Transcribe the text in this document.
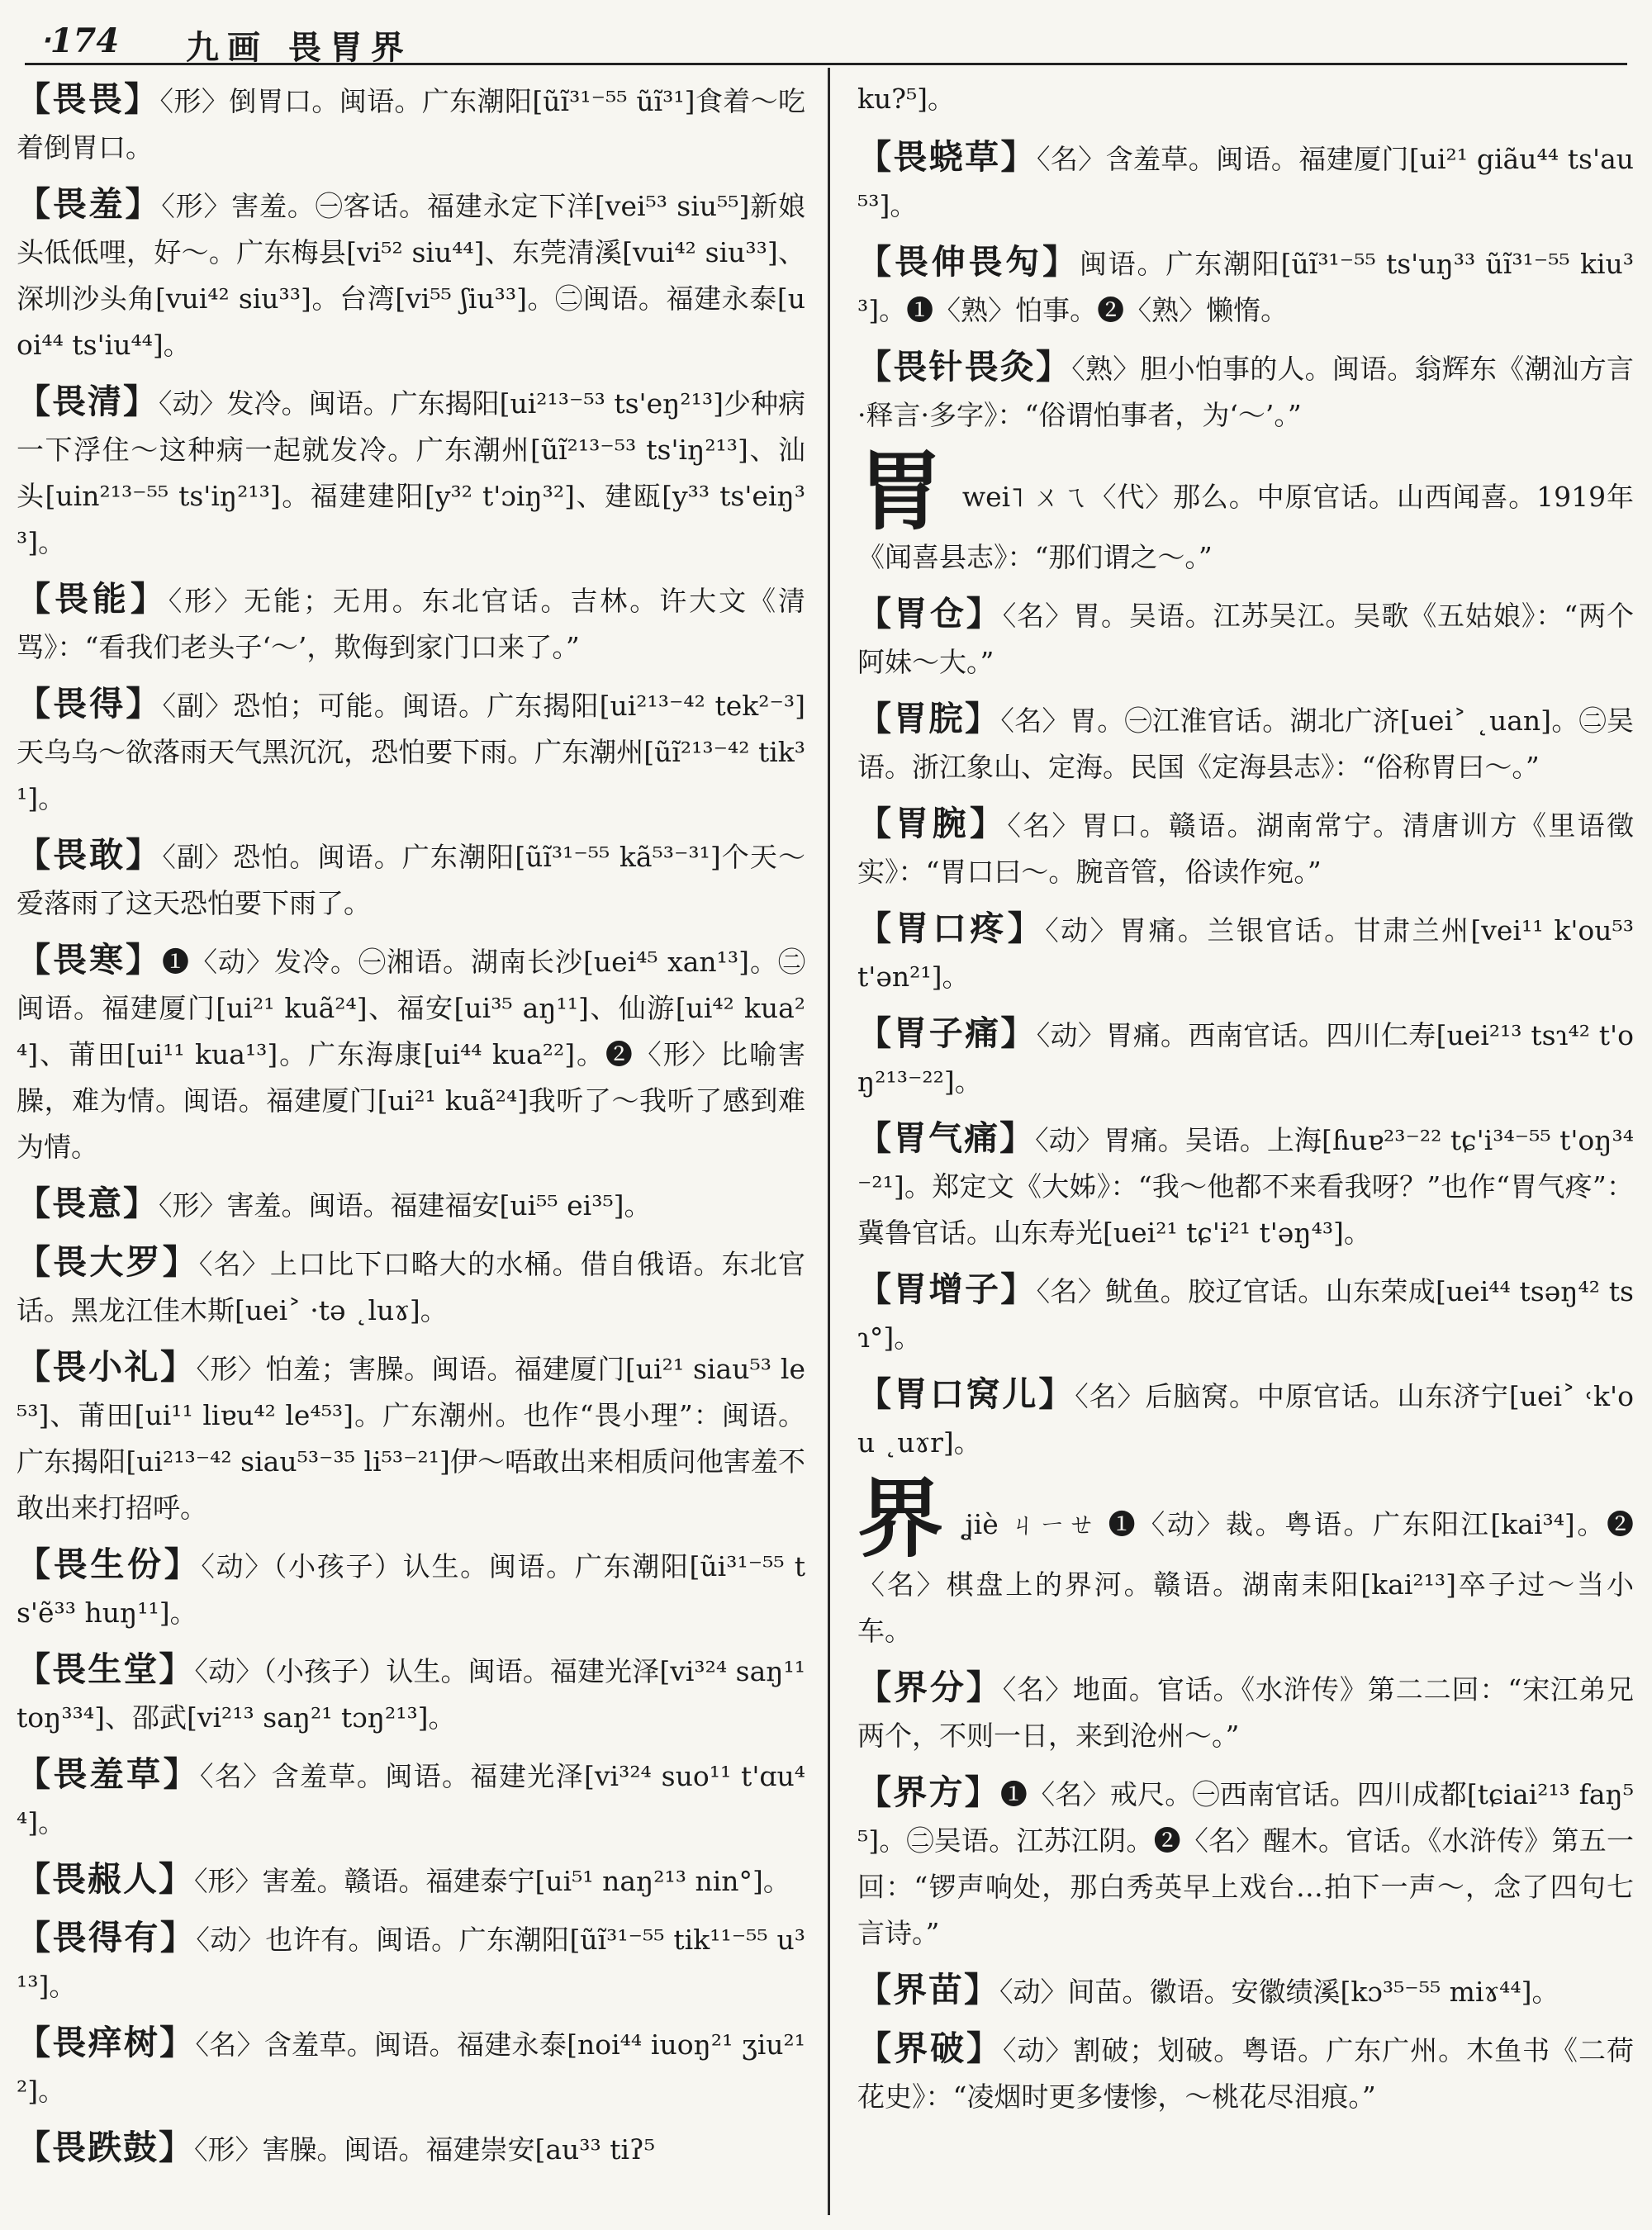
‧174 九画 畏胃界

【畏畏】〈形〉倒胃口。闽语。广东潮阳[ũĩ³¹⁻⁵⁵ ũĩ³¹]食着～吃着倒胃口。

【畏羞】〈形〉害羞。㊀客话。福建永定下洋[vei⁵³ siu⁵⁵]新娘头低低哩，好～。广东梅县[vi⁵² siu⁴⁴]、东莞清溪[vui⁴² siu³³]、深圳沙头角[vui⁴² siu³³]。台湾[vi⁵⁵ ʃiu³³]。㊁闽语。福建永泰[uoi⁴⁴ ts'iu⁴⁴]。

【畏清】〈动〉发冷。闽语。广东揭阳[ui²¹³⁻⁵³ ts'eŋ²¹³]少种病一下浮住～这种病一起就发冷。广东潮州[ũĩ²¹³⁻⁵³ ts'iŋ²¹³]、汕头[uin²¹³⁻⁵⁵ ts'iŋ²¹³]。福建建阳[y³² t'ɔiŋ³²]、建瓯[y³³ ts'eiŋ³³]。

【畏能】〈形〉无能；无用。东北官话。吉林。许大文《清骂》：“看我们老头子‘～’，欺侮到家门口来了。”

【畏得】〈副〉恐怕；可能。闽语。广东揭阳[ui²¹³⁻⁴² tek²⁻³]天乌乌～欲落雨天气黑沉沉，恐怕要下雨。广东潮州[ũĩ²¹³⁻⁴² tik³¹]。

【畏敢】〈副〉恐怕。闽语。广东潮阳[ũĩ³¹⁻⁵⁵ kã⁵³⁻³¹]个天～爱落雨了这天恐怕要下雨了。

【畏寒】❶〈动〉发冷。㊀湘语。湖南长沙[uei⁴⁵ xan¹³]。㊁闽语。福建厦门[ui²¹ kuã²⁴]、福安[ui³⁵ aŋ¹¹]、仙游[ui⁴² kua²⁴]、莆田[ui¹¹ kua¹³]。广东海康[ui⁴⁴ kua²²]。❷〈形〉比喻害臊，难为情。闽语。福建厦门[ui²¹ kuã²⁴]我听了～我听了感到难为情。

【畏意】〈形〉害羞。闽语。福建福安[ui⁵⁵ ei³⁵]。

【畏大罗】〈名〉上口比下口略大的水桶。借自俄语。东北官话。黑龙江佳木斯[uei˃ ·tə ˛luɤ]。

【畏小礼】〈形〉怕羞；害臊。闽语。福建厦门[ui²¹ siau⁵³ le⁵³]、莆田[ui¹¹ liɐu⁴² le⁴⁵³]。广东潮州。也作“畏小理”：闽语。广东揭阳[ui²¹³⁻⁴² siau⁵³⁻³⁵ li⁵³⁻²¹]伊～唔敢出来相质问他害羞不敢出来打招呼。

【畏生份】〈动〉（小孩子）认生。闽语。广东潮阳[ũi³¹⁻⁵⁵ ts'ẽ³³ huŋ¹¹]。

【畏生堂】〈动〉（小孩子）认生。闽语。福建光泽[vi³²⁴ saŋ¹¹ toŋ³³⁴]、邵武[vi²¹³ saŋ²¹ tɔŋ²¹³]。

【畏羞草】〈名〉含羞草。闽语。福建光泽[vi³²⁴ suo¹¹ t'ɑu⁴⁴]。

【畏赧人】〈形〉害羞。赣语。福建泰宁[ui⁵¹ naŋ²¹³ nin°]。

【畏得有】〈动〉也许有。闽语。广东潮阳[ũĩ³¹⁻⁵⁵ tik¹¹⁻⁵⁵ u³¹³]。

【畏痒树】〈名〉含羞草。闽语。福建永泰[noi⁴⁴ iuoŋ²¹ ʒiu²¹²]。

【畏跌鼓】〈形〉害臊。闽语。福建崇安[au³³ tiʔ⁵

ku?⁵]。

【畏蛲草】〈名〉含羞草。闽语。福建厦门[ui²¹ giãu⁴⁴ ts'au⁵³]。

【畏伸畏勼】闽语。广东潮阳[ũĩ³¹⁻⁵⁵ ts'uŋ³³ ũĩ³¹⁻⁵⁵ kiu³³]。❶〈熟〉怕事。❷〈熟〉懒惰。

【畏针畏灸】〈熟〉胆小怕事的人。闽语。翁辉东《潮汕方言·释言·多字》：“俗谓怕事者，为‘～’。”

胃wei˥ ㄨㄟ〈代〉那么。中原官话。山西闻喜。1919年《闻喜县志》：“那们谓之～。”

【胃仓】〈名〉胃。吴语。江苏吴江。吴歌《五姑娘》：“两个阿妹～大。”

【胃脘】〈名〉胃。㊀江淮官话。湖北广济[uei˃ ˛uan]。㊁吴语。浙江象山、定海。民国《定海县志》：“俗称胃曰～。”

【胃腕】〈名〉胃口。赣语。湖南常宁。清唐训方《里语徵实》：“胃口曰～。腕音管，俗读作宛。”

【胃口疼】〈动〉胃痛。兰银官话。甘肃兰州[vei¹¹ k'ou⁵³ t'ən²¹]。

【胃子痛】〈动〉胃痛。西南官话。四川仁寿[uei²¹³ tsɿ⁴² t'oŋ²¹³⁻²²]。

【胃气痛】〈动〉胃痛。吴语。上海[ɦuɐ²³⁻²² tɕ'i³⁴⁻⁵⁵ t'oŋ³⁴⁻²¹]。郑定文《大姊》：“我～他都不来看我呀？”也作“胃气疼”：冀鲁官话。山东寿光[uei²¹ tɕ'i²¹ t'əŋ⁴³]。

【胃增子】〈名〉鱿鱼。胶辽官话。山东荣成[uei⁴⁴ tsəŋ⁴² tsɿ°]。

【胃口窝儿】〈名〉后脑窝。中原官话。山东济宁[uei˃ ˓k'ou ˛uɤr]。

界ʝiè ㄐㄧㄝ ❶〈动〉裁。粤语。广东阳江[kai³⁴]。❷〈名〉棋盘上的界河。赣语。湖南耒阳[kai²¹³]卒子过～当小车。

【界分】〈名〉地面。官话。《水浒传》第二二回：“宋江弟兄两个，不则一日，来到沧州～。”

【界方】❶〈名〉戒尺。㊀西南官话。四川成都[tɕiai²¹³ faŋ⁵⁵]。㊁吴语。江苏江阴。❷〈名〉醒木。官话。《水浒传》第五一回：“锣声响处，那白秀英早上戏台…拍下一声～，念了四句七言诗。”

【界苗】〈动〉间苗。徽语。安徽绩溪[kɔ³⁵⁻⁵⁵ miɤ⁴⁴]。

【界破】〈动〉割破；划破。粤语。广东广州。木鱼书《二荷花史》：“凌烟时更多悽惨，～桃花尽泪痕。”
